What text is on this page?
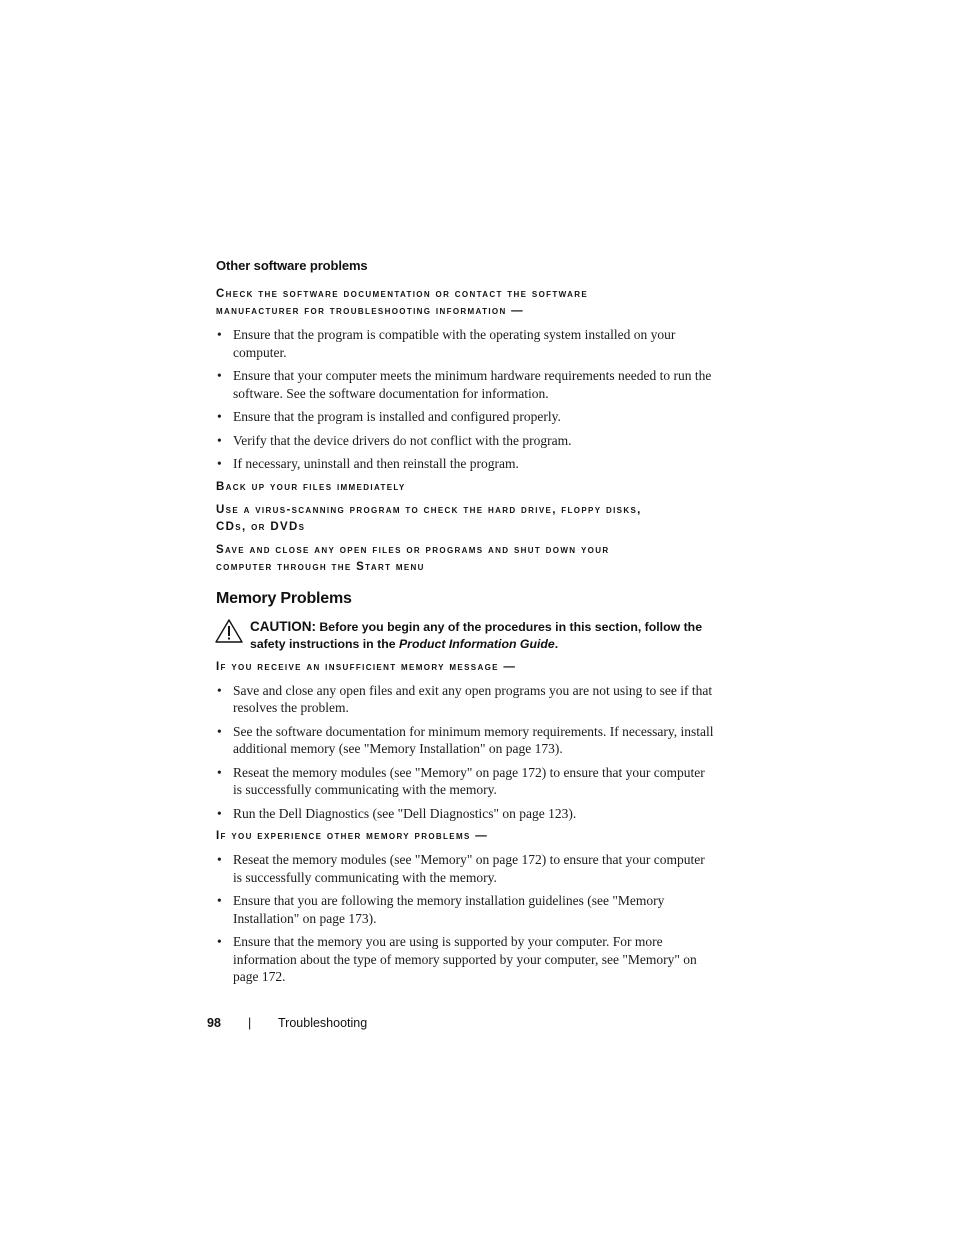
Other software problems
Check the software documentation or contact the software
manufacturer for troubleshooting information —
• Ensure that the program is compatible with the operating system installed on your computer.
• Ensure that your computer meets the minimum hardware requirements needed to run the software. See the software documentation for information.
• Ensure that the program is installed and configured properly.
• Verify that the device drivers do not conflict with the program.
• If necessary, uninstall and then reinstall the program.
Back up your files immediately
Use a virus-scanning program to check the hard drive, floppy disks,
CDs, or DVDs
Save and close any open files or programs and shut down your
computer through the Start menu
Memory Problems
CAUTION: Before you begin any of the procedures in this section, follow the safety instructions in the Product Information Guide.
If you receive an insufficient memory message —
• Save and close any open files and exit any open programs you are not using to see if that resolves the problem.
• See the software documentation for minimum memory requirements. If necessary, install additional memory (see "Memory Installation" on page 173).
• Reseat the memory modules (see "Memory" on page 172) to ensure that your computer is successfully communicating with the memory.
• Run the Dell Diagnostics (see "Dell Diagnostics" on page 123).
If you experience other memory problems —
• Reseat the memory modules (see "Memory" on page 172) to ensure that your computer is successfully communicating with the memory.
• Ensure that you are following the memory installation guidelines (see "Memory Installation" on page 173).
• Ensure that the memory you are using is supported by your computer. For more information about the type of memory supported by your computer, see "Memory" on page 172.
98 | Troubleshooting
